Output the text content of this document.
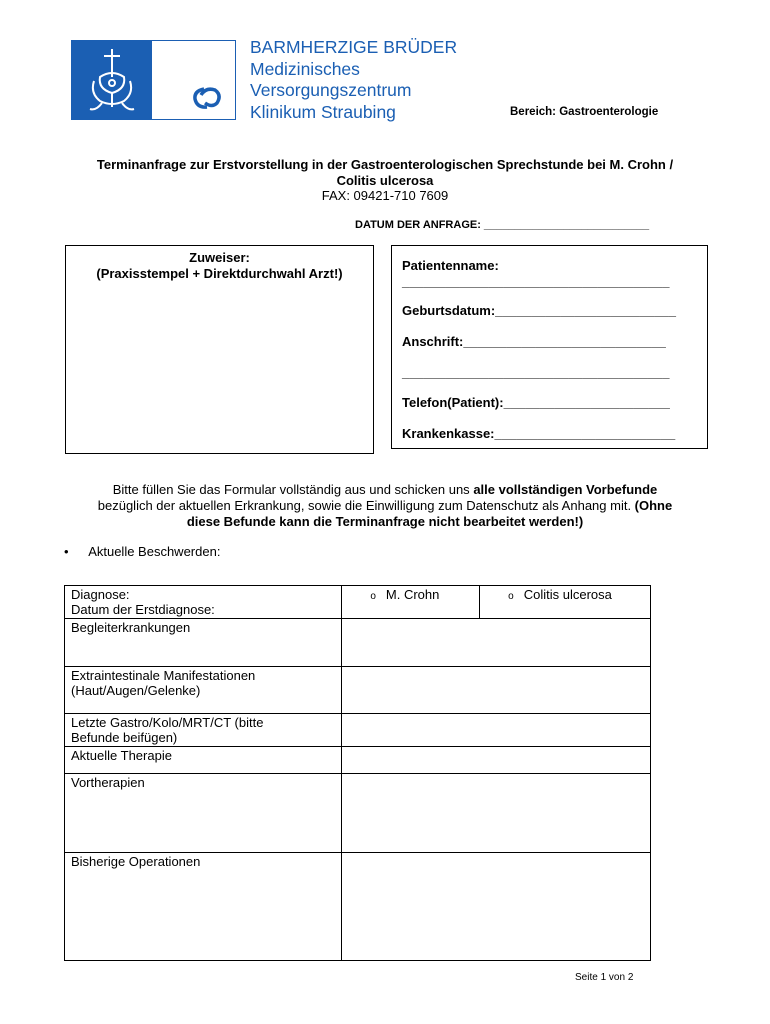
BARMHERZIGE BRÜDER
Medizinisches
Versorgungszentrum
Klinikum Straubing	Bereich: Gastroenterologie
Terminanfrage zur Erstvorstellung in der Gastroenterologischen Sprechstunde bei M. Crohn /
Colitis ulcerosa
FAX: 09421-710 7609
DATUM DER ANFRAGE: ___________________________
Zuweiser:
(Praxisstempel + Direktdurchwahl Arzt!)
Patientenname:
_____________________________________
Geburtsdatum:_________________________
Anschrift:____________________________
_____________________________________
Telefon(Patient):_______________________
Krankenkasse:_________________________
Bitte füllen Sie das Formular vollständig aus und schicken uns alle vollständigen Vorbefunde
bezüglich der aktuellen Erkrankung, sowie die Einwilligung zum Datenschutz als Anhang mit. (Ohne
diese Befunde kann die Terminanfrage nicht bearbeitet werden!)
• Aktuelle Beschwerden:
Diagnose:
Datum der Erstdiagnose:	o M. Crohn	o Colitis ulcerosa
Begleiterkrankungen		

Extraintestinale Manifestationen
(Haut/Augen/Gelenke)		

Letzte Gastro/Kolo/MRT/CT (bitte
Befunde beifügen)		

Aktuelle Therapie		
Vortherapien		
Bisherige Operationen		
Seite 1 von 2
